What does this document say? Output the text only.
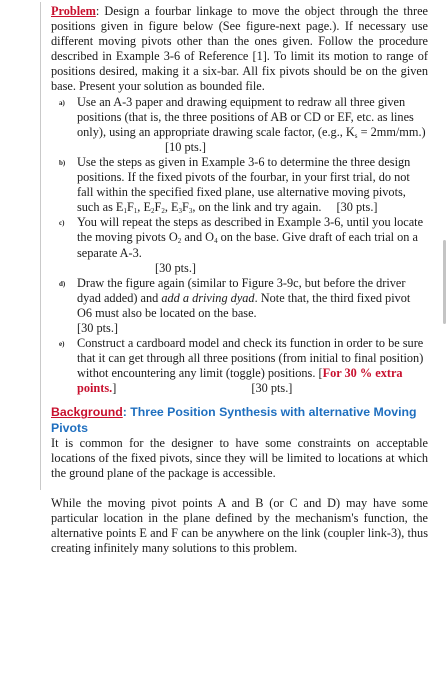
Problem: Design a fourbar linkage to move the object through the three positions given in figure below (See figure-next page.). If necessary use different moving pivots other than the ones given. Follow the procedure described in Example 3-6 of Reference [1]. To limit its motion to range of positions desired, making it a six-bar. All fix pivots should be on the given base. Present your solution as bounded file.

a) Use an A-3 paper and drawing equipment to redraw all three given positions (that is, the three positions of AB or CD or EF, etc. as lines only), using an appropriate drawing scale factor, (e.g., $K_s = 2mm/mm$.) [10 pts.]
b) Use the steps as given in Example 3-6 to determine the three design positions. If the fixed pivots of the fourbar, in your first trial, do not fall within the specified fixed plane, use alternative moving pivots, such as $E_1F_1$, $E_2F_2$, $E_3F_3$, on the link and try again. [30 pts.]
c) You will repeat the steps as described in Example 3-6, until you locate the moving pivots $O_2$ and $O_4$ on the base. Give draft of each trial on a separate A-3.
[30 pts.]
d) Draw the figure again (similar to Figure 3-9c, but before the driver dyad added) and add a driving dyad. Note that, the third fixed pivot O6 must also be located on the base.
[30 pts.]
e) Construct a cardboard model and check its function in order to be sure that it can get through all three positions (from initial to final position) withot encountering any limit (toggle) positions. [For 30 % extra points.]	[30 pts.]

Background: Three Position Synthesis with alternative Moving Pivots

It is common for the designer to have some constraints on acceptable locations of the fixed pivots, since they will be limited to locations at which the ground plane of the package is accessible.

While the moving pivot points A and B (or C and D) may have some particular location in the plane defined by the mechanism's function, the alternative points E and F can be anywhere on the link (coupler link-3), thus creating infinitely many solutions to this problem.
